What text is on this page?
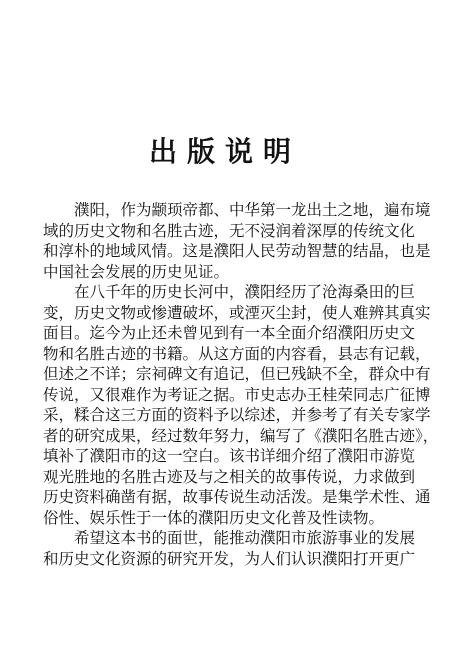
出版说明
濮阳，作为颛顼帝都、中华第一龙出土之地，遍布境
域的历史文物和名胜古迹，无不浸润着深厚的传统文化
和淳朴的地域风情。这是濮阳人民劳动智慧的结晶，也是
中国社会发展的历史见证。
在八千年的历史长河中，濮阳经历了沧海桑田的巨
变，历史文物或惨遭破坏，或湮灭尘封，使人难辨其真实
面目。迄今为止还未曾见到有一本全面介绍濮阳历史文
物和名胜古迹的书籍。从这方面的内容看，县志有记载，
但述之不详；宗祠碑文有追记，但已残缺不全，群众中有
传说，又很难作为考证之据。市史志办王桂荣同志广征博
采，糅合这三方面的资料予以综述，并参考了有关专家学
者的研究成果，经过数年努力，编写了《濮阳名胜古迹》，
填补了濮阳市的这一空白。该书详细介绍了濮阳市游览
观光胜地的名胜古迹及与之相关的故事传说，力求做到
历史资料确凿有据，故事传说生动活泼。是集学术性、通
俗性、娱乐性于一体的濮阳历史文化普及性读物。
希望这本书的面世，能推动濮阳市旅游事业的发展
和历史文化资源的研究开发，为人们认识濮阳打开更广
